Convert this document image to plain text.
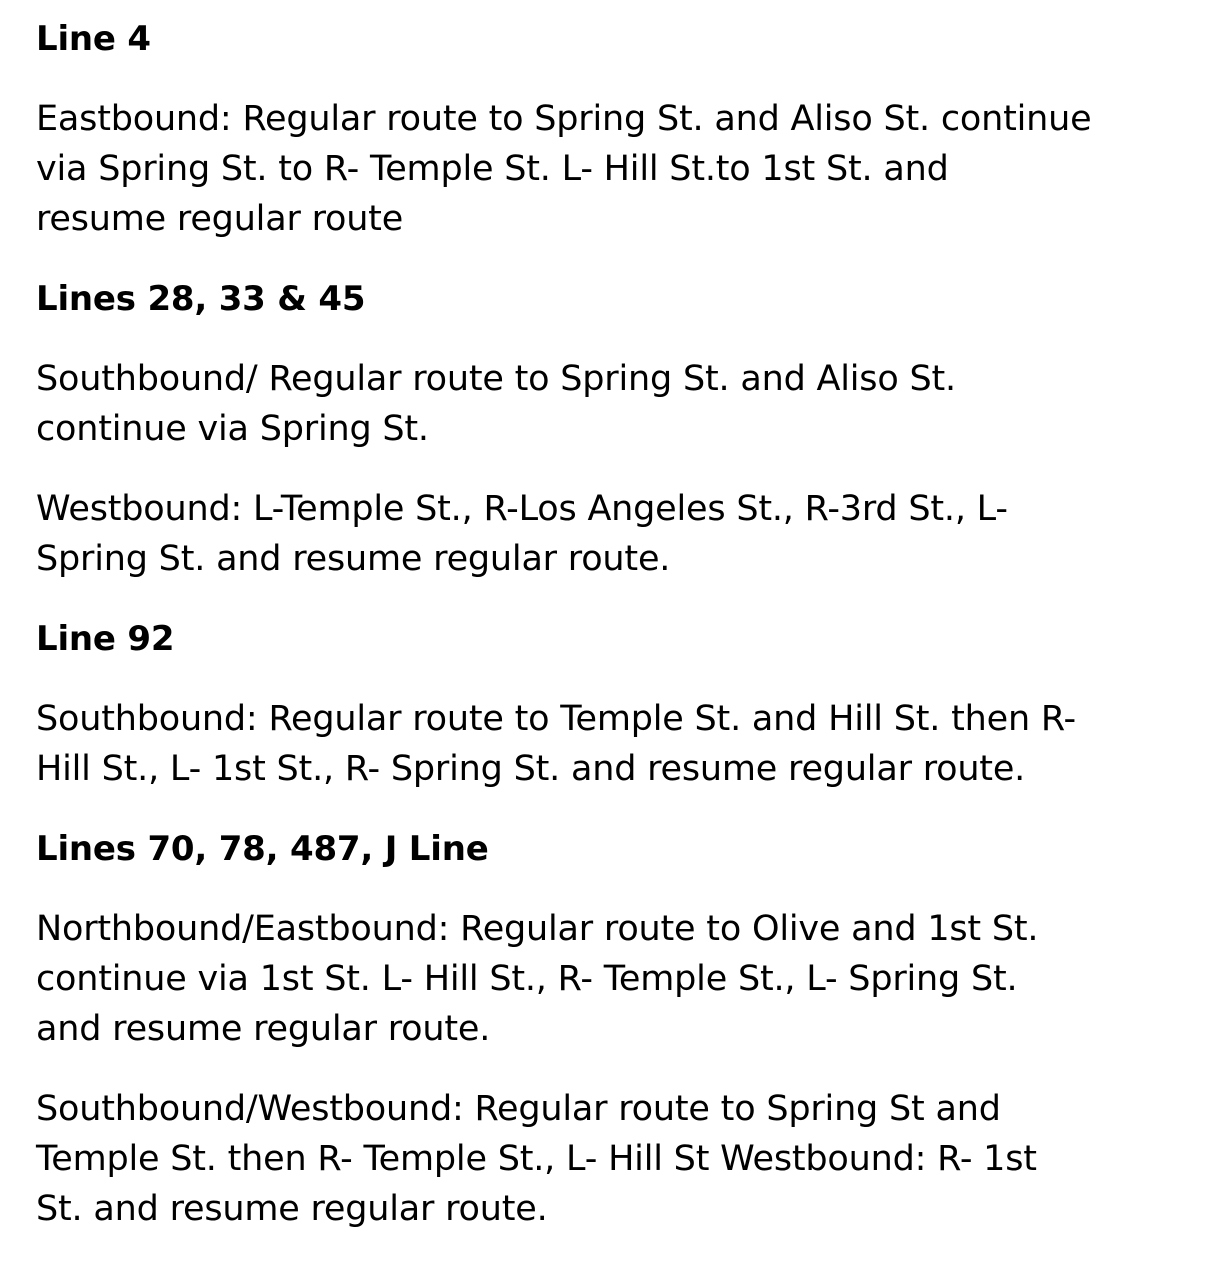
Line 4

Eastbound: Regular route to Spring St. and Aliso St. continue
via Spring St. to R- Temple St. L- Hill St.to 1st St. and
resume regular route

Lines 28, 33 & 45

Southbound/ Regular route to Spring St. and Aliso St.
continue via Spring St.

Westbound: L-Temple St., R-Los Angeles St., R-3rd St., L-
Spring St. and resume regular route.

Line 92

Southbound: Regular route to Temple St. and Hill St. then R-
Hill St., L- 1st St., R- Spring St. and resume regular route.

Lines 70, 78, 487, J Line

Northbound/Eastbound: Regular route to Olive and 1st St.
continue via 1st St. L- Hill St., R- Temple St., L- Spring St.
and resume regular route.

Southbound/Westbound: Regular route to Spring St and
Temple St. then R- Temple St., L- Hill St Westbound: R- 1st
St. and resume regular route.
